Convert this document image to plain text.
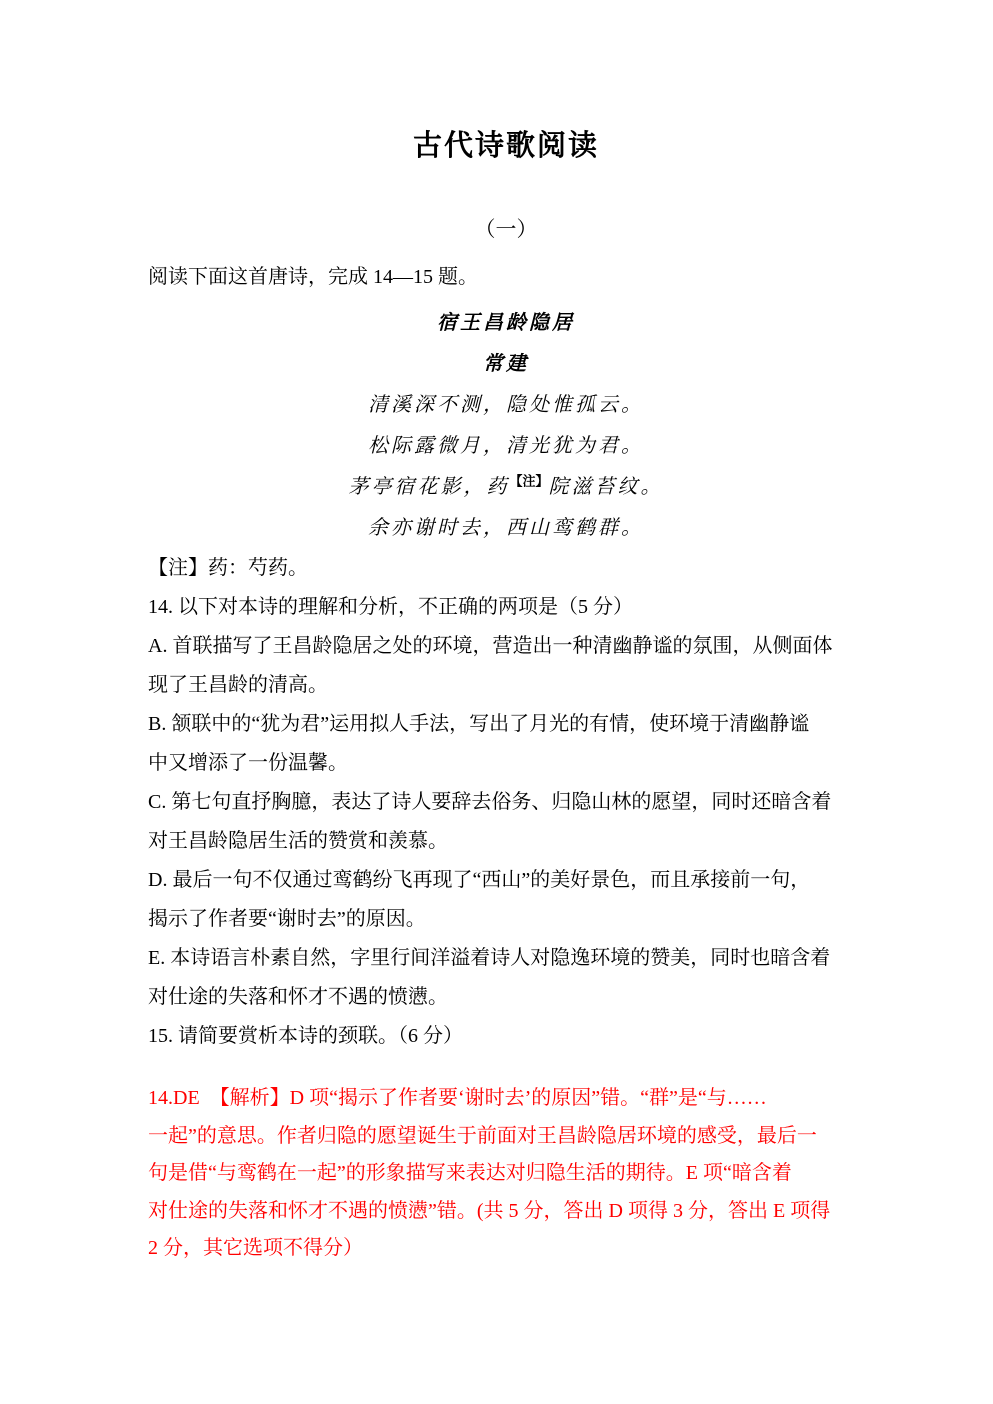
古代诗歌阅读
（一）
阅读下面这首唐诗，完成 14—15 题。
宿王昌龄隐居
常建
清溪深不测，隐处惟孤云。
松际露微月，清光犹为君。
茅亭宿花影，药$^{【注】}$院滋苔纹。
余亦谢时去，西山鸾鹤群。
【注】药：芍药。
14. 以下对本诗的理解和分析，不正确的两项是（5 分）
A. 首联描写了王昌龄隐居之处的环境，营造出一种清幽静谧的氛围，从侧面体
现了王昌龄的清高。
B. 颔联中的“犹为君”运用拟人手法，写出了月光的有情，使环境于清幽静谧
中又增添了一份温馨。
C. 第七句直抒胸臆，表达了诗人要辞去俗务、归隐山林的愿望，同时还暗含着
对王昌龄隐居生活的赞赏和羡慕。
D. 最后一句不仅通过鸾鹤纷飞再现了“西山”的美好景色，而且承接前一句，
揭示了作者要“谢时去”的原因。
E. 本诗语言朴素自然，字里行间洋溢着诗人对隐逸环境的赞美，同时也暗含着
对仕途的失落和怀才不遇的愤懑。
15. 请简要赏析本诗的颈联。（6 分）
14.DE　【解析】D 项“揭示了作者要‘谢时去’的原因”错。“群”是“与……
一起”的意思。作者归隐的愿望诞生于前面对王昌龄隐居环境的感受，最后一
句是借“与鸾鹤在一起”的形象描写来表达对归隐生活的期待。E 项“暗含着
对仕途的失落和怀才不遇的愤懑”错。(共 5 分，答出 D 项得 3 分，答出 E 项得
2 分，其它选项不得分）
